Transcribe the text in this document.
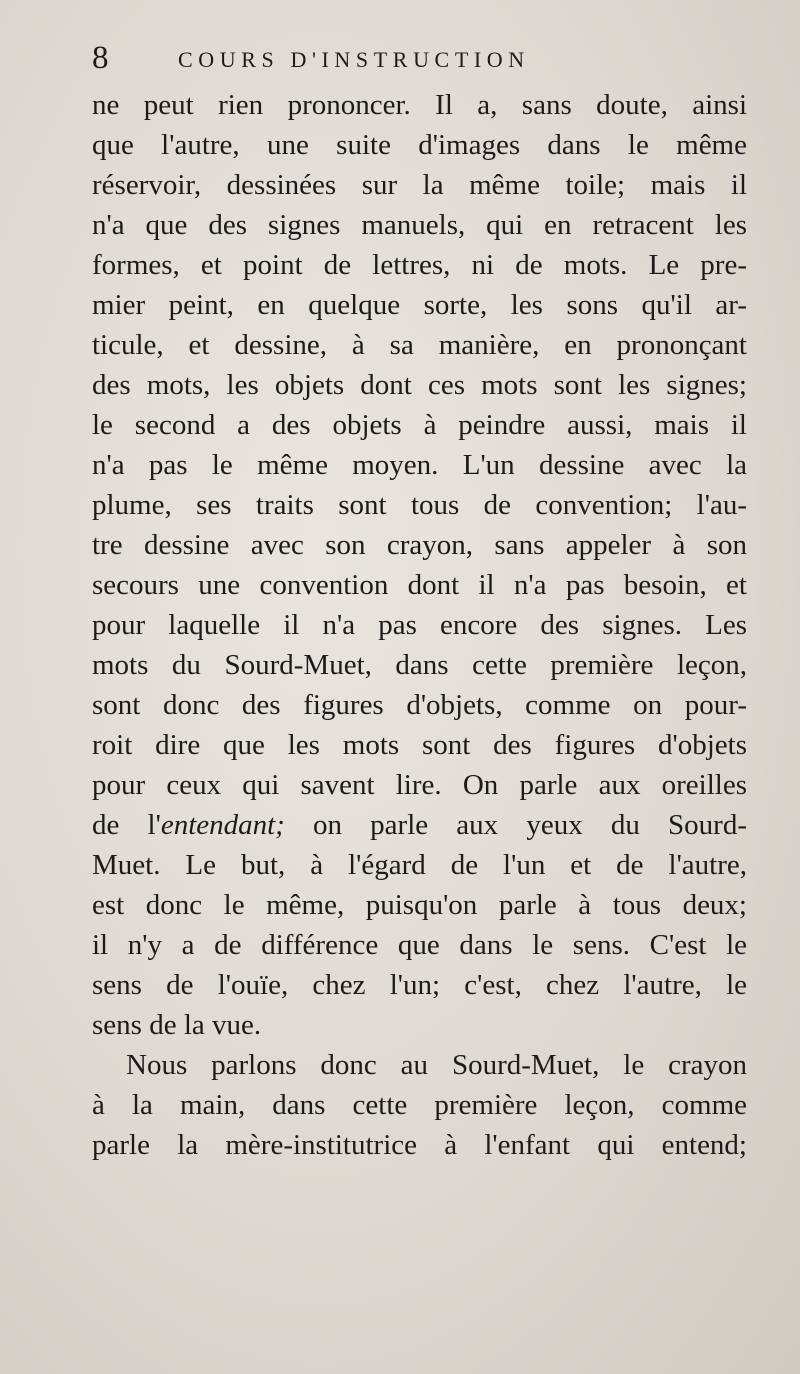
8	COURS D'INSTRUCTION
ne peut rien prononcer. Il a, sans doute, ainsi
que l'autre, une suite d'images dans le même
réservoir, dessinées sur la même toile; mais il
n'a que des signes manuels, qui en retracent les
formes, et point de lettres, ni de mots. Le pre-
mier peint, en quelque sorte, les sons qu'il ar-
ticule, et dessine, à sa manière, en prononçant
des mots, les objets dont ces mots sont les signes;
le second a des objets à peindre aussi, mais il
n'a pas le même moyen. L'un dessine avec la
plume, ses traits sont tous de convention; l'au-
tre dessine avec son crayon, sans appeler à son
secours une convention dont il n'a pas besoin, et
pour laquelle il n'a pas encore des signes. Les
mots du Sourd-Muet, dans cette première leçon,
sont donc des figures d'objets, comme on pour-
roit dire que les mots sont des figures d'objets
pour ceux qui savent lire. On parle aux oreilles
de l'entendant; on parle aux yeux du Sourd-
Muet. Le but, à l'égard de l'un et de l'autre,
est donc le même, puisqu'on parle à tous deux;
il n'y a de différence que dans le sens. C'est le
sens de l'ouïe, chez l'un; c'est, chez l'autre, le
sens de la vue.
Nous parlons donc au Sourd-Muet, le crayon
à la main, dans cette première leçon, comme
parle la mère-institutrice à l'enfant qui entend;
